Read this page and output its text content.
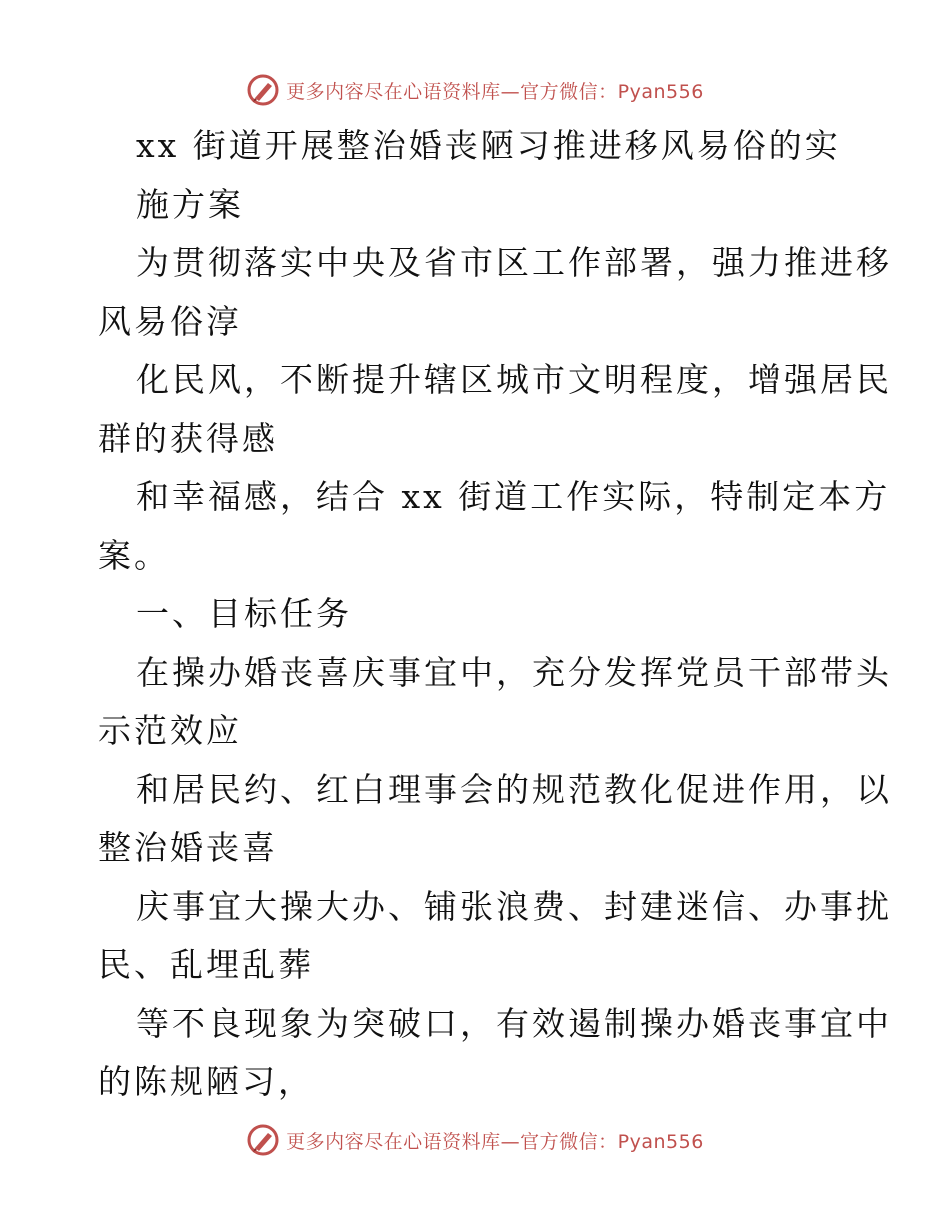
更多内容尽在心语资料库—官方微信：Pyan556
xx 街道开展整治婚丧陋习推进移风易俗的实
施方案
为贯彻落实中央及省市区工作部署，强力推进移
风易俗淳
化民风，不断提升辖区城市文明程度，增强居民
群的获得感
和幸福感，结合 xx 街道工作实际，特制定本方
案。
一、目标任务
在操办婚丧喜庆事宜中，充分发挥党员干部带头
示范效应
和居民约、红白理事会的规范教化促进作用，以
整治婚丧喜
庆事宜大操大办、铺张浪费、封建迷信、办事扰
民、乱埋乱葬
等不良现象为突破口，有效遏制操办婚丧事宜中
的陈规陋习，
更多内容尽在心语资料库—官方微信：Pyan556
